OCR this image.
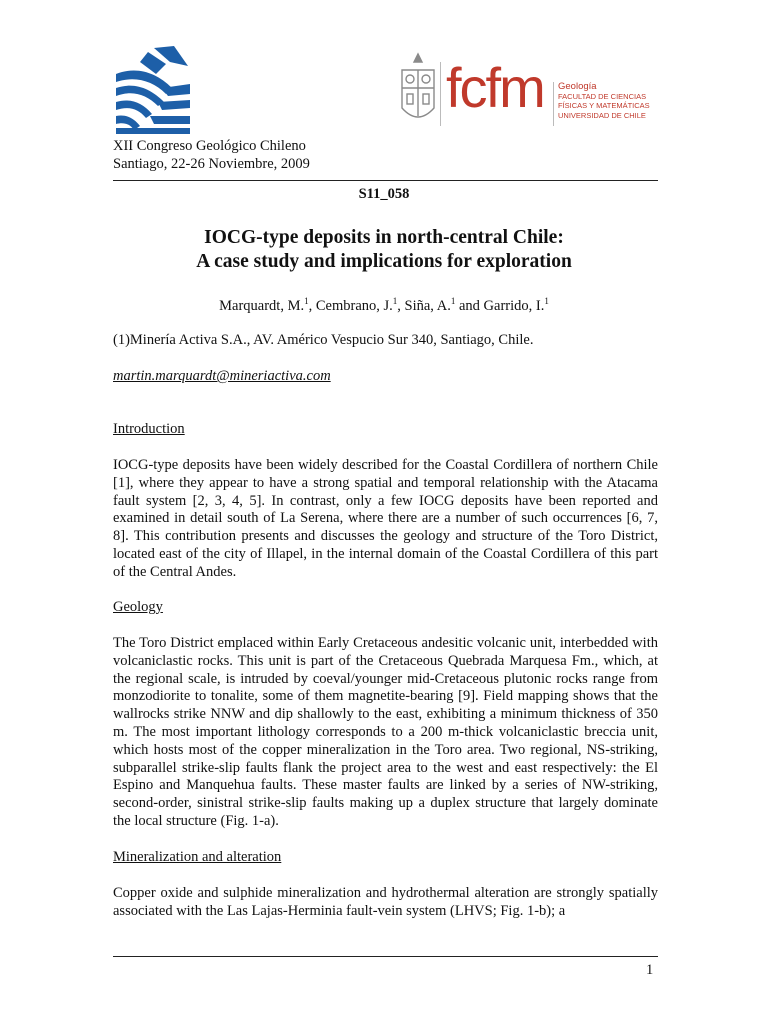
fcfm Geología
FACULTAD DE CIENCIAS
FÍSICAS Y MATEMÁTICAS
UNIVERSIDAD DE CHILE
XII Congreso Geológico Chileno
Santiago, 22-26 Noviembre, 2009
S11_058
IOCG-type deposits in north-central Chile:
A case study and implications for exploration
Marquardt, M.$^1$, Cembrano, J.$^1$, Siña, A.$^1$ and Garrido, I.$^1$
(1)Minería Activa S.A., AV. Américo Vespucio Sur 340, Santiago, Chile.
martin.marquardt@mineriactiva.com
Introduction
IOCG-type deposits have been widely described for the Coastal Cordillera of northern Chile [1], where they appear to have a strong spatial and temporal relationship with the Atacama fault system [2, 3, 4, 5]. In contrast, only a few IOCG deposits have been reported and examined in detail south of La Serena, where there are a number of such occurrences [6, 7, 8]. This contribution presents and discusses the geology and structure of the Toro District, located east of the city of Illapel, in the internal domain of the Coastal Cordillera of this part of the Central Andes.
Geology
The Toro District emplaced within Early Cretaceous andesitic volcanic unit, interbedded with volcaniclastic rocks. This unit is part of the Cretaceous Quebrada Marquesa Fm., which, at the regional scale, is intruded by coeval/younger mid-Cretaceous plutonic rocks range from monzodiorite to tonalite, some of them magnetite-bearing [9]. Field mapping shows that the wallrocks strike NNW and dip shallowly to the east, exhibiting a minimum thickness of 350 m. The most important lithology corresponds to a 200 m-thick volcaniclastic breccia unit, which hosts most of the copper mineralization in the Toro area. Two regional, NS-striking, subparallel strike-slip faults flank the project area to the west and east respectively: the El Espino and Manquehua faults. These master faults are linked by a series of NW-striking, second-order, sinistral strike-slip faults making up a duplex structure that largely dominate the local structure (Fig. 1-a).
Mineralization and alteration
Copper oxide and sulphide mineralization and hydrothermal alteration are strongly spatially associated with the Las Lajas-Herminia fault-vein system (LHVS; Fig. 1-b); a
1
